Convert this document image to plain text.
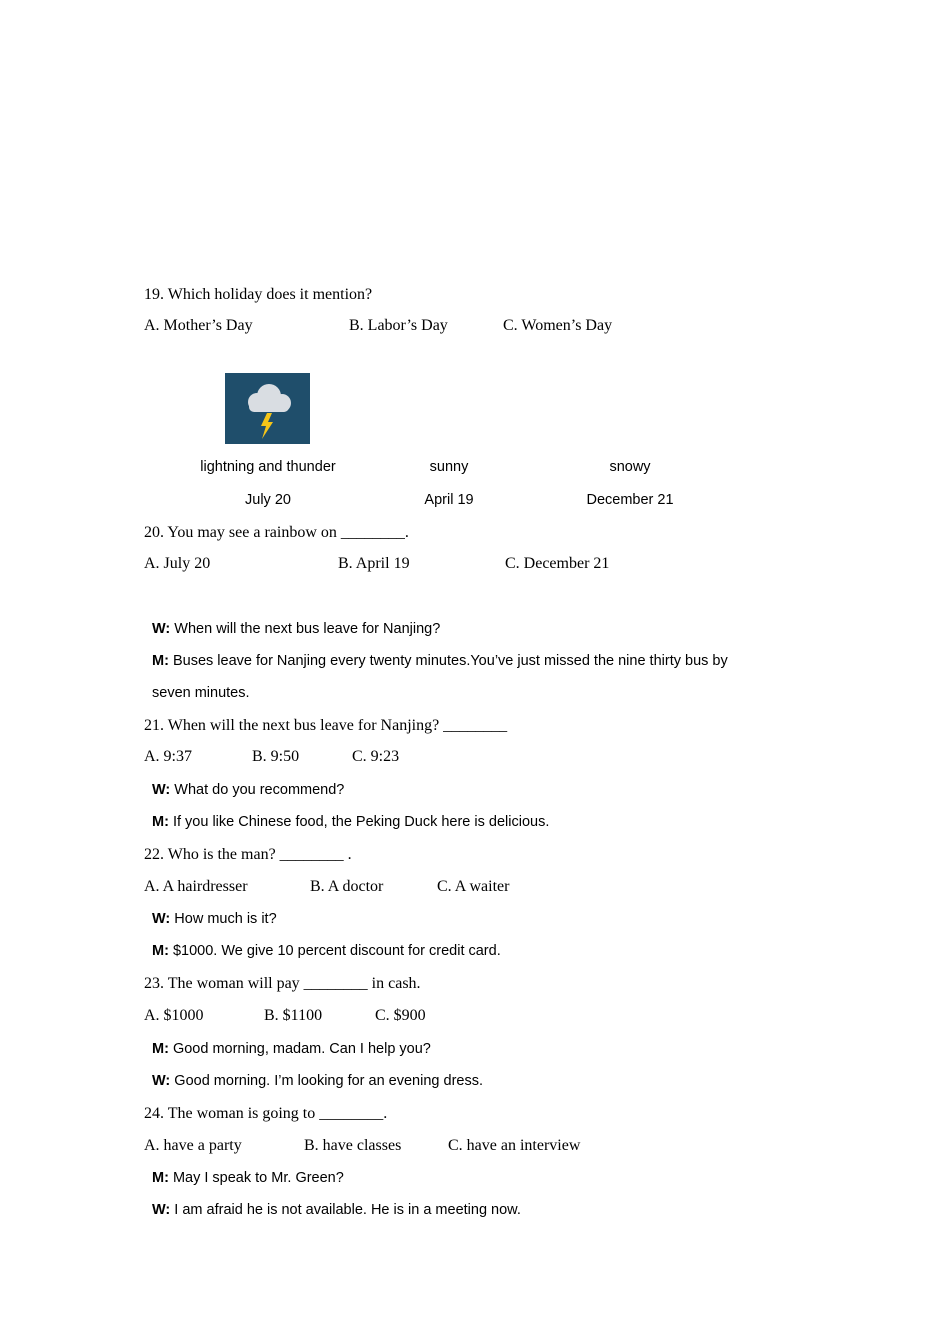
19. Which holiday does it mention?
A. Mother’s Day	B. Labor’s Day	C. Women’s Day
lightning and thunder	sunny	snowy
July 20	April 19	December 21
20. You may see a rainbow on ________.
A. July 20	B. April 19	C. December 21
W: When will the next bus leave for Nanjing?
M: Buses leave for Nanjing every twenty minutes.You’ve just missed the nine thirty bus by
seven minutes.
21. When will the next bus leave for Nanjing? ________
A. 9:37	B. 9:50	C. 9:23
W: What do you recommend?
M: If you like Chinese food, the Peking Duck here is delicious.
22. Who is the man? ________ .
A. A hairdresser	B. A doctor	C. A waiter
W: How much is it?
M: $1000. We give 10 percent discount for credit card.
23. The woman will pay ________ in cash.
A. $1000	B. $1100	C. $900
M: Good morning, madam. Can I help you?
W: Good morning. I’m looking for an evening dress.
24. The woman is going to ________.
A. have a party	B. have classes	C. have an interview
M: May I speak to Mr. Green?
W: I am afraid he is not available. He is in a meeting now.
